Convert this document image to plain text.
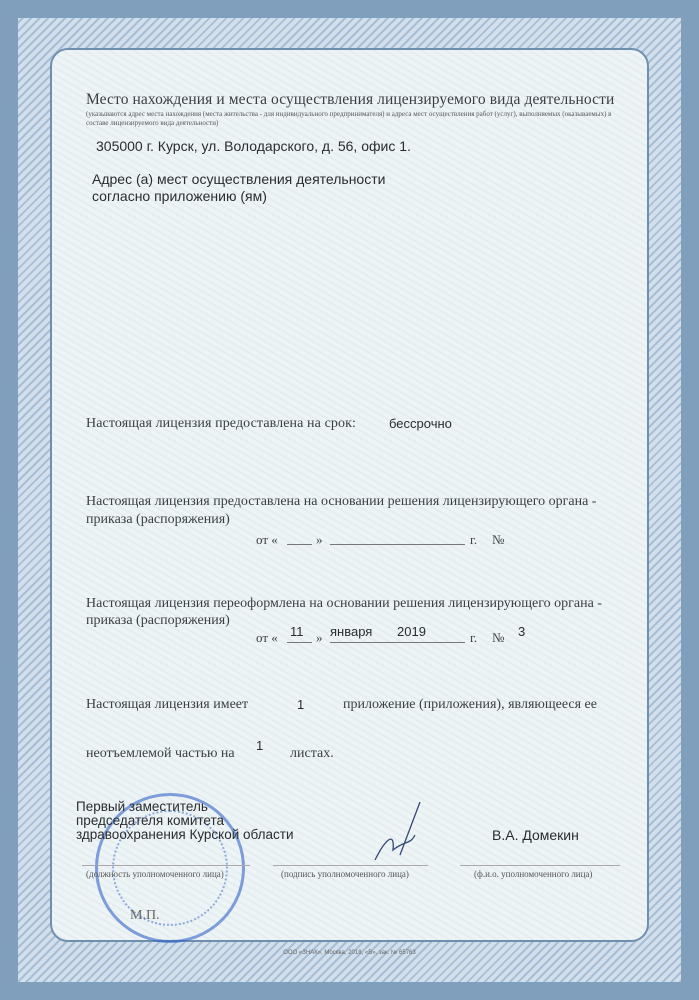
Место нахождения и места осуществления лицензируемого вида деятельности
(указываются адрес места нахождения (места жительства - для индивидуального предпринимателя) и адреса мест осуществления работ (услуг), выполняемых (оказываемых) в составе лицензируемого вида деятельности)
305000 г. Курск, ул. Володарского, д. 56, офис 1.
Адрес (а) мест осуществления деятельности
согласно приложению (ям)
Настоящая лицензия предоставлена на срок:	бессрочно
Настоящая лицензия предоставлена на основании решения лицензирующего органа -
приказа (распоряжения)
от «	»	г. №
Настоящая лицензия переоформлена на основании решения лицензирующего органа -
приказа (распоряжения)
от « 11 » января 2019	г. № 3
Настоящая лицензия имеет	1	приложение (приложения), являющееся ее
неотъемлемой частью на
1
листах.
Первый заместитель
председателя комитета
здравоохранения Курской области	В.А. Домекин
(должность уполномоченного лица)	(подпись уполномоченного лица)	(ф.и.о. уполномоченного лица)
М.П.
ООО «ЗНАК», Москва, 2018, «В», зак. № 65763
